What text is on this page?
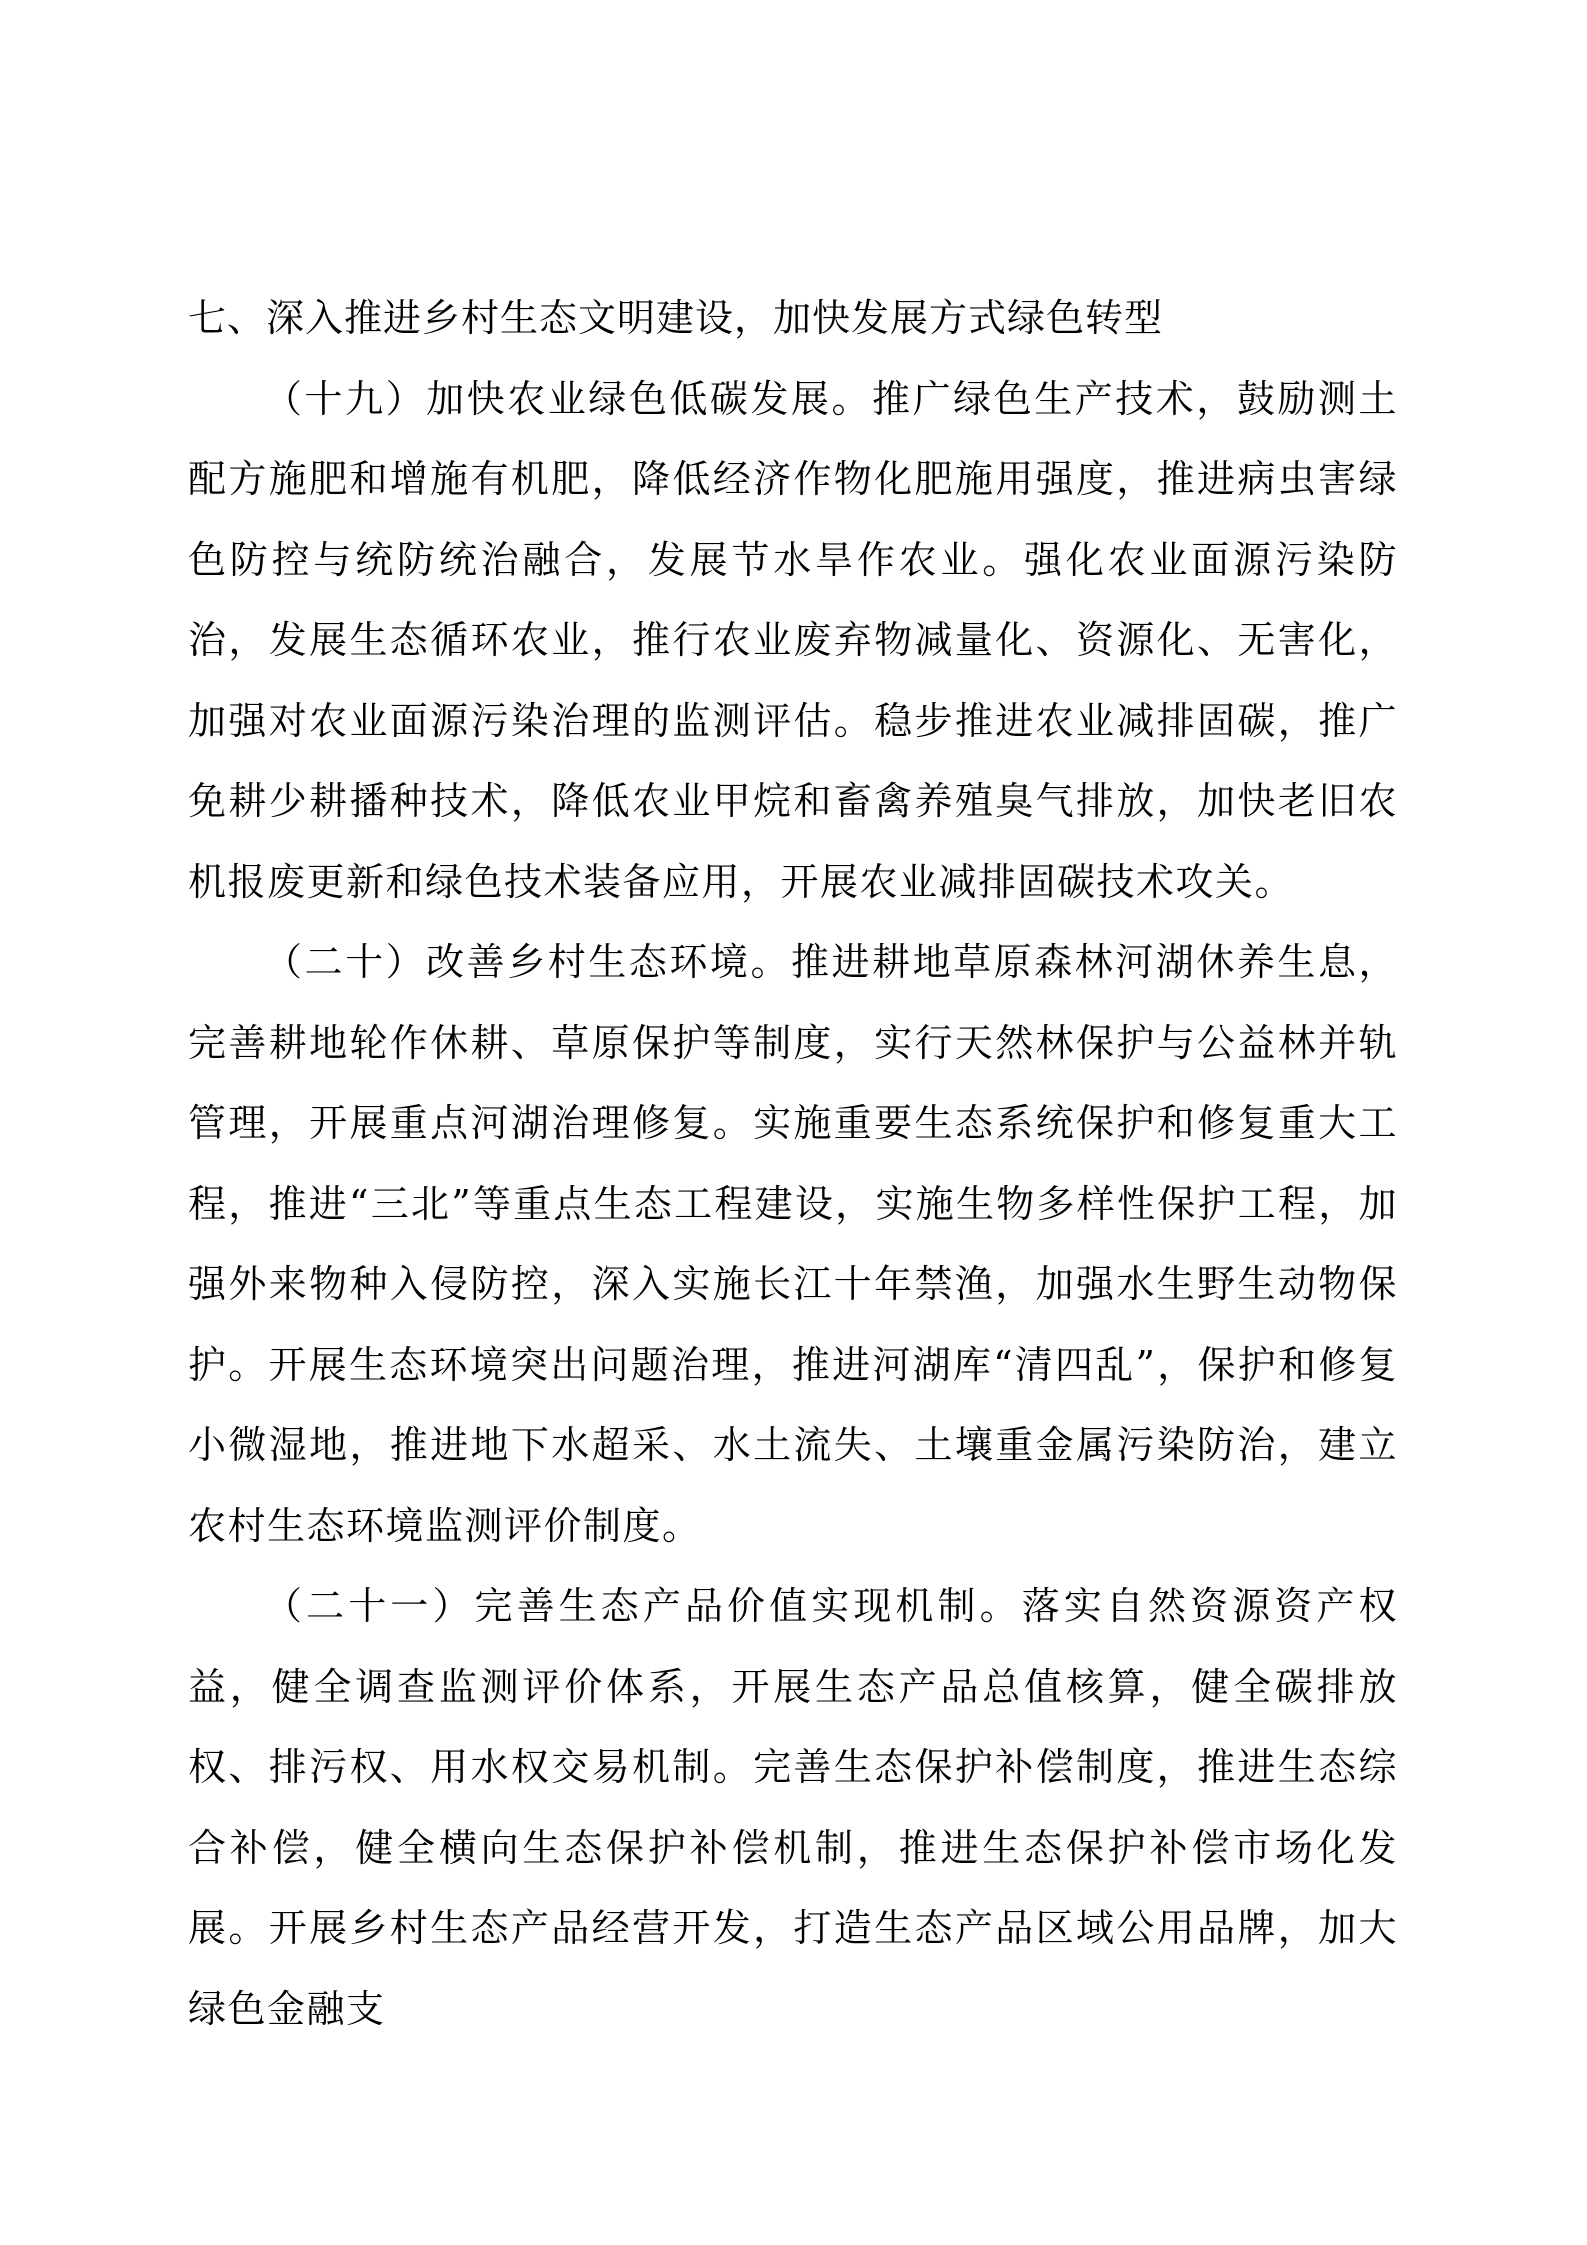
七、深入推进乡村生态文明建设，加快发展方式绿色转型

（十九）加快农业绿色低碳发展。推广绿色生产技术，鼓励测土配方施肥和增施有机肥，降低经济作物化肥施用强度，推进病虫害绿色防控与统防统治融合，发展节水旱作农业。强化农业面源污染防治，发展生态循环农业，推行农业废弃物减量化、资源化、无害化，加强对农业面源污染治理的监测评估。稳步推进农业减排固碳，推广免耕少耕播种技术，降低农业甲烷和畜禽养殖臭气排放，加快老旧农机报废更新和绿色技术装备应用，开展农业减排固碳技术攻关。

（二十）改善乡村生态环境。推进耕地草原森林河湖休养生息，完善耕地轮作休耕、草原保护等制度，实行天然林保护与公益林并轨管理，开展重点河湖治理修复。实施重要生态系统保护和修复重大工程，推进“三北”等重点生态工程建设，实施生物多样性保护工程，加强外来物种入侵防控，深入实施长江十年禁渔，加强水生野生动物保护。开展生态环境突出问题治理，推进河湖库“清四乱”，保护和修复小微湿地，推进地下水超采、水土流失、土壤重金属污染防治，建立农村生态环境监测评价制度。

（二十一）完善生态产品价值实现机制。落实自然资源资产权益，健全调查监测评价体系，开展生态产品总值核算，健全碳排放权、排污权、用水权交易机制。完善生态保护补偿制度，推进生态综合补偿，健全横向生态保护补偿机制，推进生态保护补偿市场化发展。开展乡村生态产品经营开发，打造生态产品区域公用品牌，加大绿色金融支
